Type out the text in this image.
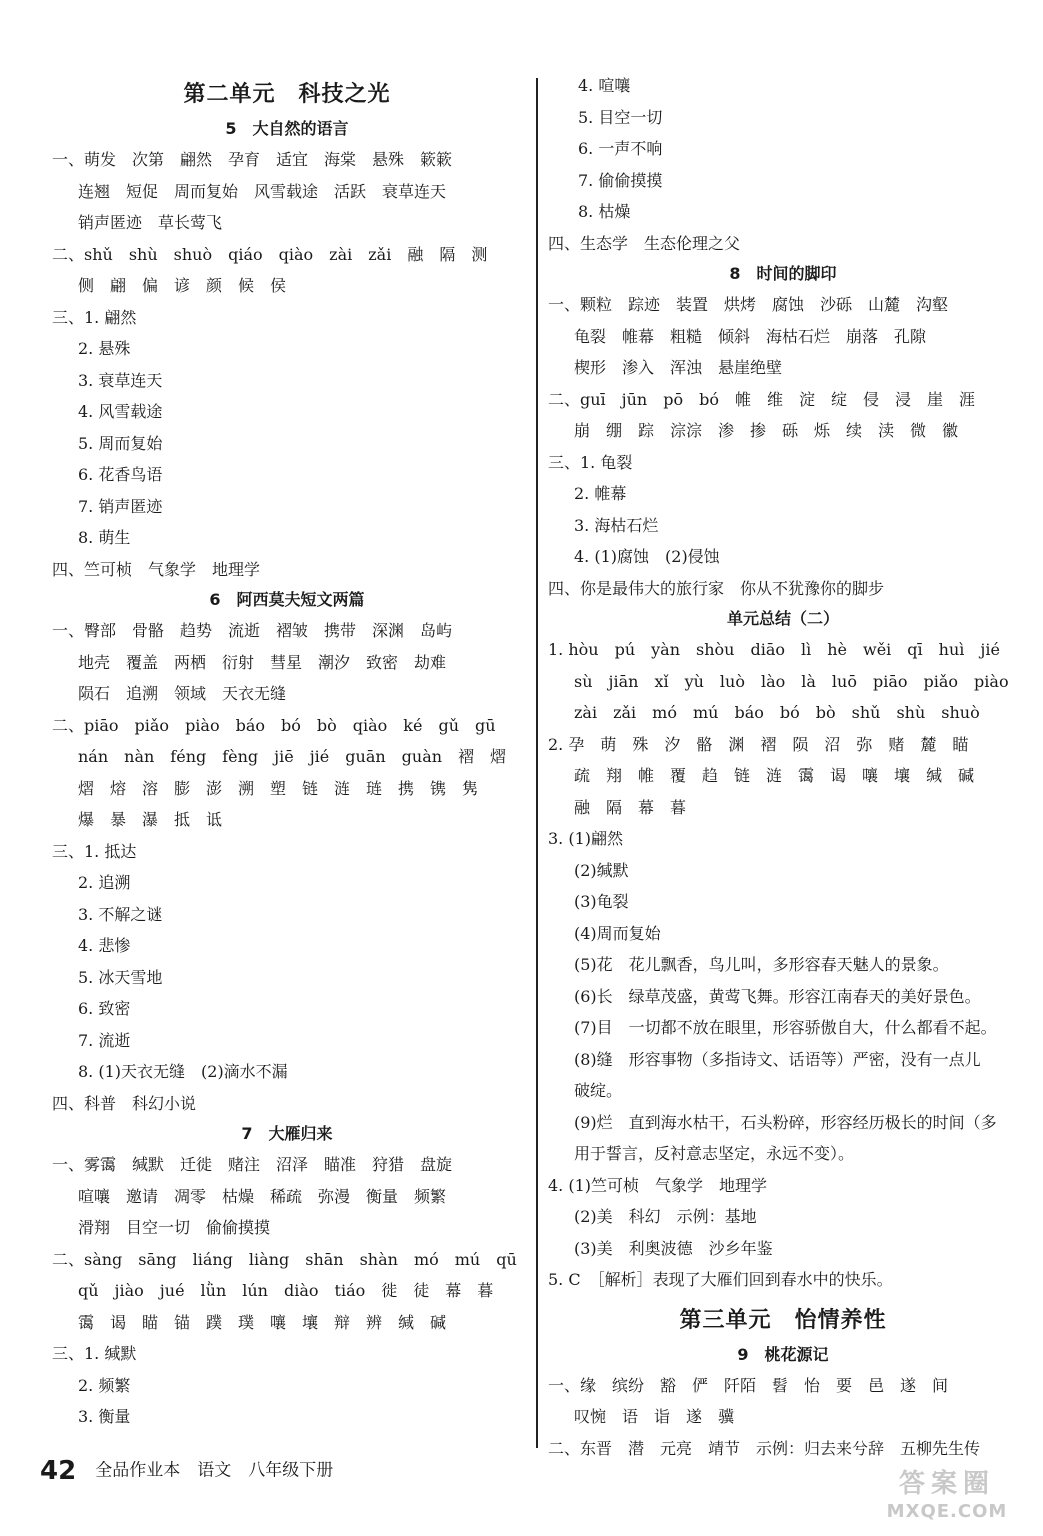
第二单元　科技之光
5　大自然的语言
一、萌发　次第　翩然　孕育　适宜　海棠　悬殊　簌簌
连翘　短促　周而复始　风雪载途　活跃　衰草连天
销声匿迹　草长莺飞
二、shǔ　shù　shuò　qiáo　qiào　zài　zǎi　融　隔　测
侧　翩　偏　谚　颜　候　侯
三、1. 翩然
2. 悬殊
3. 衰草连天
4. 风雪载途
5. 周而复始
6. 花香鸟语
7. 销声匿迹
8. 萌生
四、竺可桢　气象学　地理学
6　阿西莫夫短文两篇
一、臀部　骨骼　趋势　流逝　褶皱　携带　深渊　岛屿
地壳　覆盖　两栖　衍射　彗星　潮汐　致密　劫难
陨石　追溯　领域　天衣无缝
二、piāo　piǎo　piào　báo　bó　bò　qiào　ké　gǔ　gū
nán　nàn　féng　fèng　jiē　jié　guān　guàn　褶　熠
熠　熔　溶　膨　澎　溯　塑　链　涟　琏　携　镌　隽
爆　暴　瀑　抵　诋
三、1. 抵达
2. 追溯
3. 不解之谜
4. 悲惨
5. 冰天雪地
6. 致密
7. 流逝
8. (1)天衣无缝　(2)滴水不漏
四、科普　科幻小说
7　大雁归来
一、雾霭　缄默　迁徙　赌注　沼泽　瞄准　狩猎　盘旋
喧嚷　邀请　凋零　枯燥　稀疏　弥漫　衡量　频繁
滑翔　目空一切　偷偷摸摸
二、sàng　sāng　liáng　liàng　shān　shàn　mó　mú　qū
qǔ　jiào　jué　lǜn　lún　diào　tiáo　徙　徒　幕　暮
霭　谒　瞄　锚　蹼　璞　嚷　壤　辩　辨　缄　碱
三、1. 缄默
2. 频繁
3. 衡量
4. 喧嚷
5. 目空一切
6. 一声不响
7. 偷偷摸摸
8. 枯燥
四、生态学　生态伦理之父
8　时间的脚印
一、颗粒　踪迹　装置　烘烤　腐蚀　沙砾　山麓　沟壑
龟裂　帷幕　粗糙　倾斜　海枯石烂　崩落　孔隙
楔形　渗入　浑浊　悬崖绝壁
二、guī　jūn　pō　bó　帷　维　淀　绽　侵　浸　崖　涯
崩　绷　踪　淙淙　渗　掺　砾　烁　续　渎　微　徽
三、1. 龟裂
2. 帷幕
3. 海枯石烂
4. (1)腐蚀　(2)侵蚀
四、你是最伟大的旅行家　你从不犹豫你的脚步
单元总结（二）
1. hòu　pú　yàn　shòu　diāo　lì　hè　wěi　qī　huì　jié
sù　jiān　xǐ　yù　luò　lào　là　luō　piāo　piǎo　piào
zài　zǎi　mó　mú　báo　bó　bò　shǔ　shù　shuò
2. 孕　萌　殊　汐　骼　渊　褶　陨　沼　弥　赌　麓　瞄
疏　翔　帷　覆　趋　链　涟　霭　谒　嚷　壤　缄　碱
融　隔　幕　暮
3. (1)翩然
(2)缄默
(3)龟裂
(4)周而复始
(5)花　花儿飘香，鸟儿叫，多形容春天魅人的景象。
(6)长　绿草茂盛，黄莺飞舞。形容江南春天的美好景色。
(7)目　一切都不放在眼里，形容骄傲自大，什么都看不起。
(8)缝　形容事物（多指诗文、话语等）严密，没有一点儿
破绽。
(9)烂　直到海水枯干，石头粉碎，形容经历极长的时间（多
用于誓言，反衬意志坚定，永远不变）。
4. (1)竺可桢　气象学　地理学
(2)美　科幻　示例：基地
(3)美　利奥波德　沙乡年鉴
5. C　［解析］表现了大雁们回到春水中的快乐。
第三单元　怡情养性
9　桃花源记
一、缘　缤纷　豁　俨　阡陌　髫　怡　要　邑　遂　间
叹惋　语　诣　遂　骥
二、东晋　潜　元亮　靖节　示例：归去来兮辞　五柳先生传
42 全品作业本　语文　八年级下册	答案圈
MXQE.COM
